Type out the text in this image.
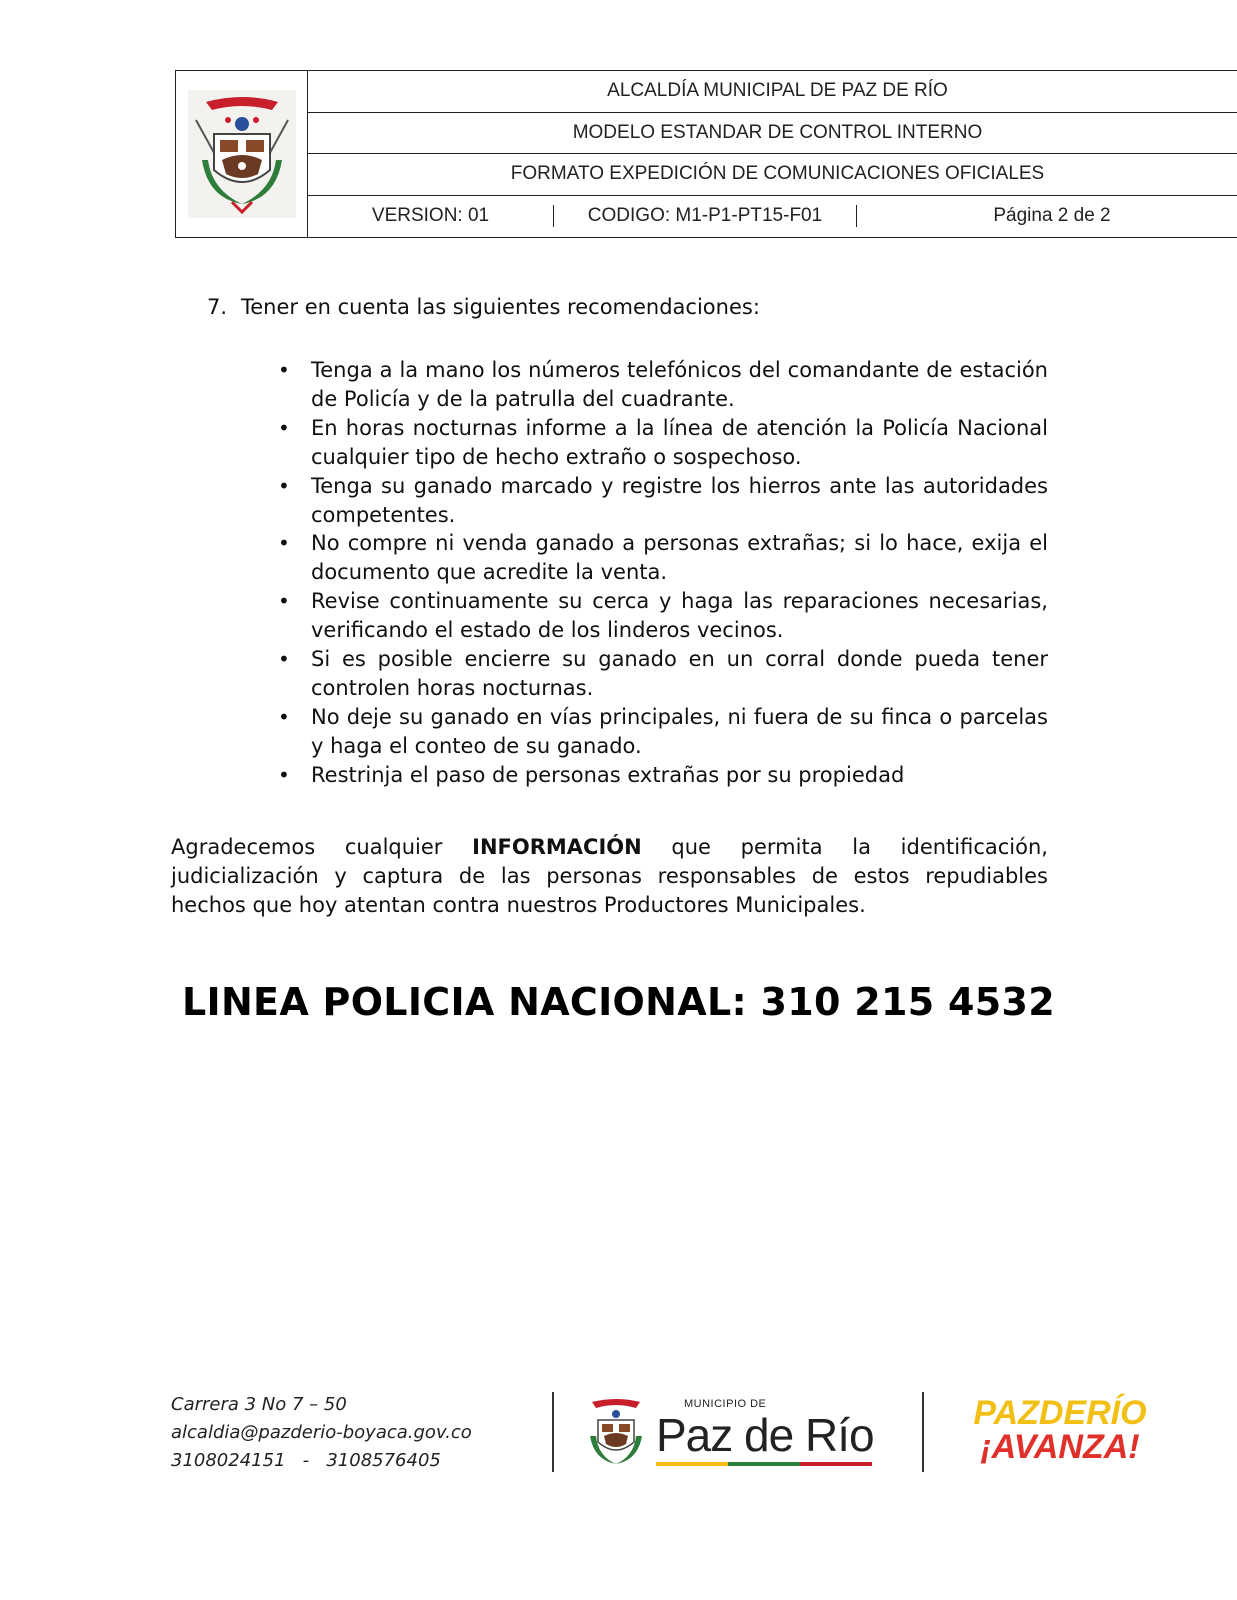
ALCALDÍA MUNICIPAL DE PAZ DE RÍO
MODELO ESTANDAR DE CONTROL INTERNO
FORMATO EXPEDICIÓN DE COMUNICACIONES OFICIALES
VERSION: 01	CODIGO: M1-P1-PT15-F01	Página 2 de 2
7. Tener en cuenta las siguientes recomendaciones:
•	Tenga a la mano los números telefónicos del comandante de estación de Policía y de la patrulla del cuadrante.
•	En horas nocturnas informe a la línea de atención la Policía Nacional cualquier tipo de hecho extraño o sospechoso.
•	Tenga su ganado marcado y registre los hierros ante las autoridades competentes.
•	No compre ni venda ganado a personas extrañas; si lo hace, exija el documento que acredite la venta.
•	Revise continuamente su cerca y haga las reparaciones necesarias, verificando el estado de los linderos vecinos.
•	Si es posible encierre su ganado en un corral donde pueda tener controlen horas nocturnas.
•	No deje su ganado en vías principales, ni fuera de su finca o parcelas y haga el conteo de su ganado.
•	Restrinja el paso de personas extrañas por su propiedad

Agradecemos cualquier INFORMACIÓN que permita la identificación, judicialización y captura de las personas responsables de estos repudiables hechos que hoy atentan contra nuestros Productores Municipales.

LINEA POLICIA NACIONAL: 310 215 4532
Carrera 3 No 7 – 50
alcaldia@pazderio-boyaca.gov.co
3108024151   -   3108576405
MUNICIPIO DE
Paz de Río	PAZDERÍO
¡AVANZA!
